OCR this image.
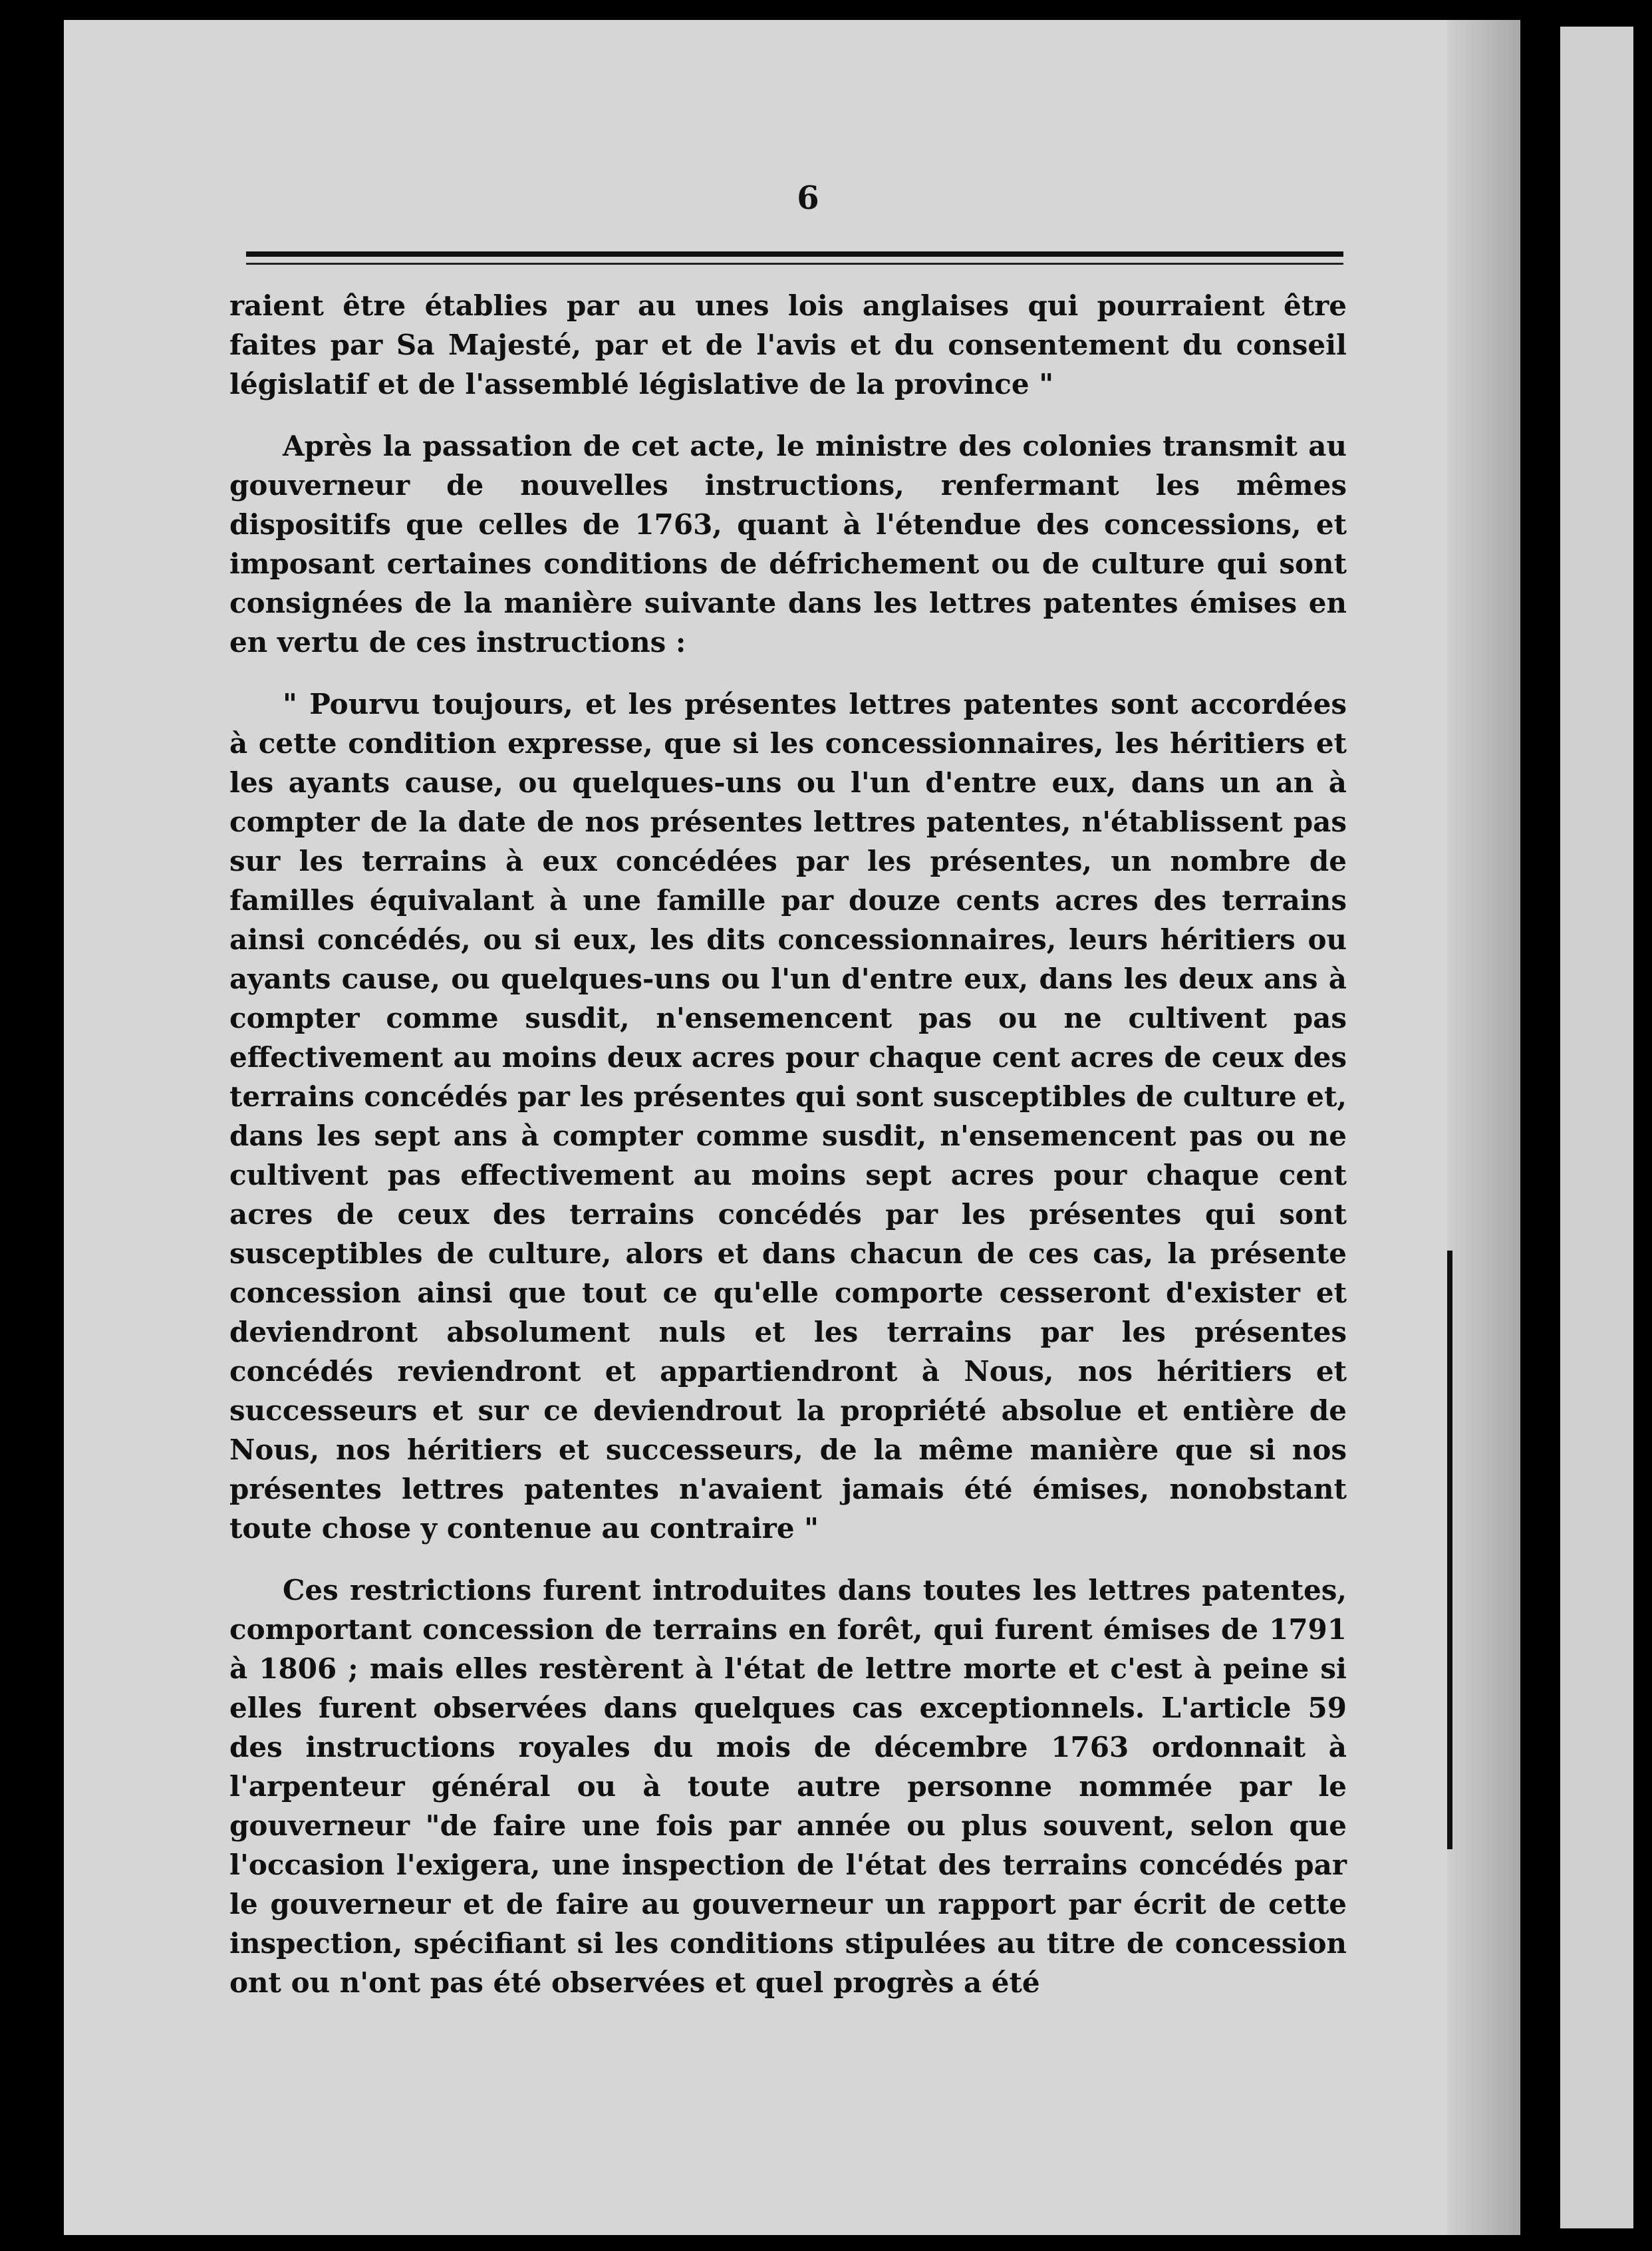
6

raient être établies par au unes lois anglaises qui pourraient être faites par Sa Majesté, par et de l'avis et du consentement du conseil législatif et de l'assemblé législative de la province "

Après la passation de cet acte, le ministre des colonies transmit au gouverneur de nouvelles instructions, renfermant les mêmes dispositifs que celles de 1763, quant à l'étendue des concessions, et imposant certaines conditions de défrichement ou de culture qui sont consignées de la manière suivante dans les lettres patentes émises en en vertu de ces instructions :

" Pourvu toujours, et les présentes lettres patentes sont accordées à cette condition expresse, que si les concessionnaires, les héritiers et les ayants cause, ou quelques-uns ou l'un d'entre eux, dans un an à compter de la date de nos présentes lettres patentes, n'établissent pas sur les terrains à eux concédées par les présentes, un nombre de familles équivalant à une famille par douze cents acres des terrains ainsi concédés, ou si eux, les dits concessionnaires, leurs héritiers ou ayants cause, ou quelques-uns ou l'un d'entre eux, dans les deux ans à compter comme susdit, n'ensemencent pas ou ne cultivent pas effectivement au moins deux acres pour chaque cent acres de ceux des terrains concédés par les présentes qui sont susceptibles de culture et, dans les sept ans à compter comme susdit, n'ensemencent pas ou ne cultivent pas effectivement au moins sept acres pour chaque cent acres de ceux des terrains concédés par les présentes qui sont susceptibles de culture, alors et dans chacun de ces cas, la présente concession ainsi que tout ce qu'elle comporte cesseront d'exister et deviendront absolument nuls et les terrains par les présentes concédés reviendront et appartiendront à Nous, nos héritiers et successeurs et sur ce deviendrout la propriété absolue et entière de Nous, nos héritiers et successeurs, de la même manière que si nos présentes lettres patentes n'avaient jamais été émises, nonobstant toute chose y contenue au contraire "

Ces restrictions furent introduites dans toutes les lettres patentes, comportant concession de terrains en forêt, qui furent émises de 1791 à 1806 ; mais elles restèrent à l'état de lettre morte et c'est à peine si elles furent observées dans quelques cas exceptionnels. L'article 59 des instructions royales du mois de décembre 1763 ordonnait à l'arpenteur général ou à toute autre personne nommée par le gouverneur "de faire une fois par année ou plus souvent, selon que l'occasion l'exigera, une inspection de l'état des terrains concédés par le gouverneur et de faire au gouverneur un rapport par écrit de cette inspection, spécifiant si les conditions stipulées au titre de concession ont ou n'ont pas été observées et quel progrès a été
